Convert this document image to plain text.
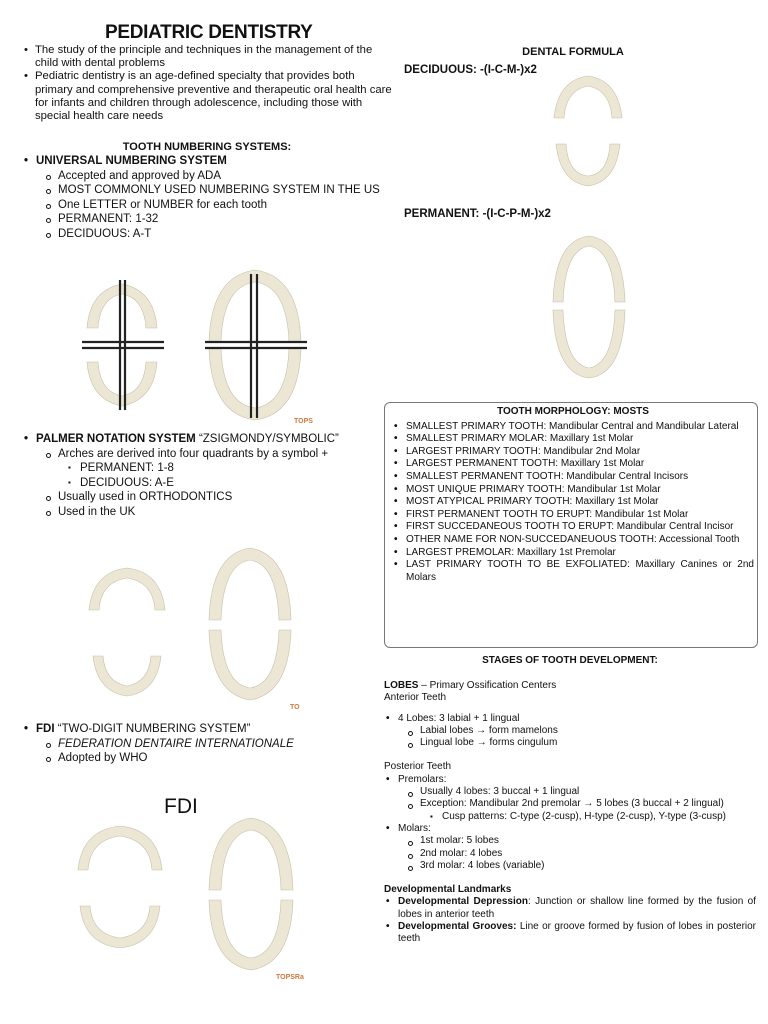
PEDIATRIC DENTISTRY
• The study of the principle and techniques in the management of the child with dental problems
• Pediatric dentistry is an age-defined specialty that provides both primary and comprehensive preventive and therapeutic oral health care for infants and children through adolescence, including those with special health care needs
TOOTH NUMBERING SYSTEMS:
• UNIVERSAL NUMBERING SYSTEM
Accepted and approved by ADA
MOST COMMONLY USED NUMBERING SYSTEM IN THE US
One LETTER or NUMBER for each tooth
PERMANENT: 1-32
DECIDUOUS: A-T
TOPS
• PALMER NOTATION SYSTEM “ZSIGMONDY/SYMBOLIC”
Arches are derived into four quadrants by a symbol +
▪ PERMANENT: 1-8
▪ DECIDUOUS: A-E
Usually used in ORTHODONTICS
Used in the UK
TO
• FDI “TWO-DIGIT NUMBERING SYSTEM”
FEDERATION DENTAIRE INTERNATIONALE
Adopted by WHO
FDI
TOPSRa
DENTAL FORMULA
DECIDUOUS: -(I-C-M-)x2
PERMANENT: -(I-C-P-M-)x2
TOOTH MORPHOLOGY: MOSTS
• SMALLEST PRIMARY TOOTH: Mandibular Central and Mandibular Lateral
• SMALLEST PRIMARY MOLAR: Maxillary 1st Molar
• LARGEST PRIMARY TOOTH: Mandibular 2nd Molar
• LARGEST PERMANENT TOOTH: Maxillary 1st Molar
• SMALLEST PERMANENT TOOTH: Mandibular Central Incisors
• MOST UNIQUE PRIMARY TOOTH: Mandibular 1st Molar
• MOST ATYPICAL PRIMARY TOOTH: Maxillary 1st Molar
• FIRST PERMANENT TOOTH TO ERUPT: Mandibular 1st Molar
• FIRST SUCCEDANEOUS TOOTH TO ERUPT: Mandibular Central Incisor
• OTHER NAME FOR NON-SUCCEDANEUOUS TOOTH: Accessional Tooth
• LARGEST PREMOLAR: Maxillary 1st Premolar
• LAST PRIMARY TOOTH TO BE EXFOLIATED: Maxillary Canines or 2nd Molars
STAGES OF TOOTH DEVELOPMENT:
LOBES – Primary Ossification Centers
Anterior Teeth
• 4 Lobes: 3 labial + 1 lingual
Labial lobes → form mamelons
Lingual lobe → forms cingulum
Posterior Teeth
• Premolars:
Usually 4 lobes: 3 buccal + 1 lingual
Exception: Mandibular 2nd premolar → 5 lobes (3 buccal + 2 lingual)
▪ Cusp patterns: C-type (2-cusp), H-type (2-cusp), Y-type (3-cusp)
• Molars:
1st molar: 5 lobes
2nd molar: 4 lobes
3rd molar: 4 lobes (variable)
Developmental Landmarks
• Developmental Depression: Junction or shallow line formed by the fusion of lobes in anterior teeth
• Developmental Grooves: Line or groove formed by fusion of lobes in posterior teeth
